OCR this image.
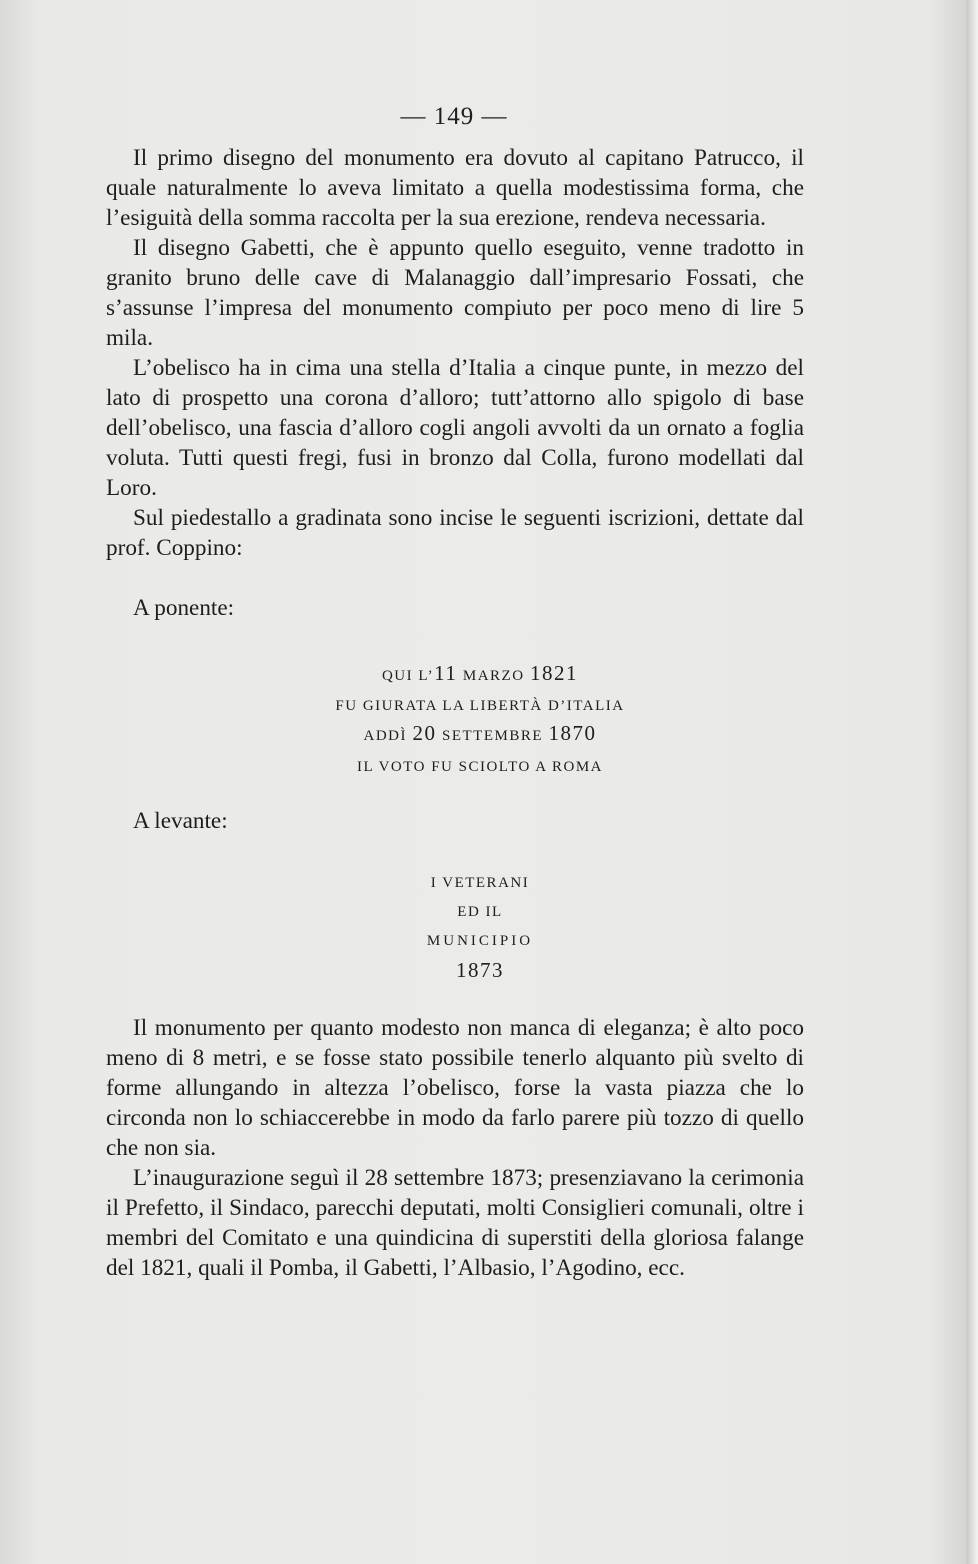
— 149 —

Il primo disegno del monumento era dovuto al capitano Patrucco, il quale naturalmente lo aveva limitato a quella modestissima forma, che l’esiguità della somma raccolta per la sua erezione, rendeva necessaria.

Il disegno Gabetti, che è appunto quello eseguito, venne tradotto in granito bruno delle cave di Malanaggio dall’impresario Fossati, che s’assunse l’impresa del monumento compiuto per poco meno di lire 5 mila.

L’obelisco ha in cima una stella d’Italia a cinque punte, in mezzo del lato di prospetto una corona d’alloro; tutt’attorno allo spigolo di base dell’obelisco, una fascia d’alloro cogli angoli avvolti da un ornato a foglia voluta. Tutti questi fregi, fusi in bronzo dal Colla, furono modellati dal Loro.

Sul piedestallo a gradinata sono incise le seguenti iscrizioni, dettate dal prof. Coppino:

A ponente:
QUI L’11 MARZO 1821
FU GIURATA LA LIBERTÀ D’ITALIA
ADDÌ 20 SETTEMBRE 1870
IL VOTO FU SCIOLTO A ROMA
A levante:
I VETERANI
ED IL
MUNICIPIO
1873

Il monumento per quanto modesto non manca di eleganza; è alto poco meno di 8 metri, e se fosse stato possibile tenerlo alquanto più svelto di forme allungando in altezza l’obelisco, forse la vasta piazza che lo circonda non lo schiaccerebbe in modo da farlo parere più tozzo di quello che non sia.

L’inaugurazione seguì il 28 settembre 1873; presenziavano la cerimonia il Prefetto, il Sindaco, parecchi deputati, molti Consiglieri comunali, oltre i membri del Comitato e una quindicina di superstiti della gloriosa falange del 1821, quali il Pomba, il Gabetti, l’Albasio, l’Agodino, ecc.
